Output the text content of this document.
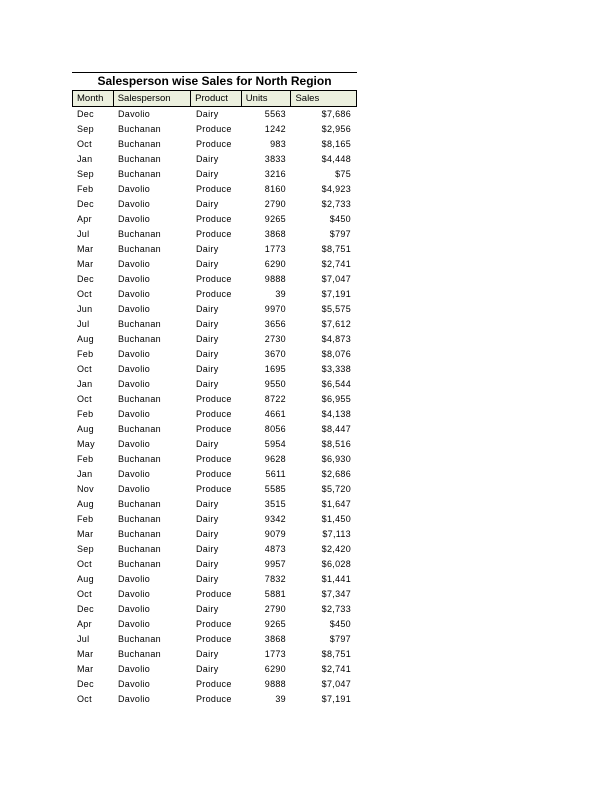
Salesperson wise Sales for North Region
Month	Salesperson	Product	Units	Sales
Dec	Davolio	Dairy	5563	$7,686
Sep	Buchanan	Produce	1242	$2,956
Oct	Buchanan	Produce	983	$8,165
Jan	Buchanan	Dairy	3833	$4,448
Sep	Buchanan	Dairy	3216	$75
Feb	Davolio	Produce	8160	$4,923
Dec	Davolio	Dairy	2790	$2,733
Apr	Davolio	Produce	9265	$450
Jul	Buchanan	Produce	3868	$797
Mar	Buchanan	Dairy	1773	$8,751
Mar	Davolio	Dairy	6290	$2,741
Dec	Davolio	Produce	9888	$7,047
Oct	Davolio	Produce	39	$7,191
Jun	Davolio	Dairy	9970	$5,575
Jul	Buchanan	Dairy	3656	$7,612
Aug	Buchanan	Dairy	2730	$4,873
Feb	Davolio	Dairy	3670	$8,076
Oct	Davolio	Dairy	1695	$3,338
Jan	Davolio	Dairy	9550	$6,544
Oct	Buchanan	Produce	8722	$6,955
Feb	Davolio	Produce	4661	$4,138
Aug	Buchanan	Produce	8056	$8,447
May	Davolio	Dairy	5954	$8,516
Feb	Buchanan	Produce	9628	$6,930
Jan	Davolio	Produce	5611	$2,686
Nov	Davolio	Produce	5585	$5,720
Aug	Buchanan	Dairy	3515	$1,647
Feb	Buchanan	Dairy	9342	$1,450
Mar	Buchanan	Dairy	9079	$7,113
Sep	Buchanan	Dairy	4873	$2,420
Oct	Buchanan	Dairy	9957	$6,028
Aug	Davolio	Dairy	7832	$1,441
Oct	Davolio	Produce	5881	$7,347
Dec	Davolio	Dairy	2790	$2,733
Apr	Davolio	Produce	9265	$450
Jul	Buchanan	Produce	3868	$797
Mar	Buchanan	Dairy	1773	$8,751
Mar	Davolio	Dairy	6290	$2,741
Dec	Davolio	Produce	9888	$7,047
Oct	Davolio	Produce	39	$7,191
